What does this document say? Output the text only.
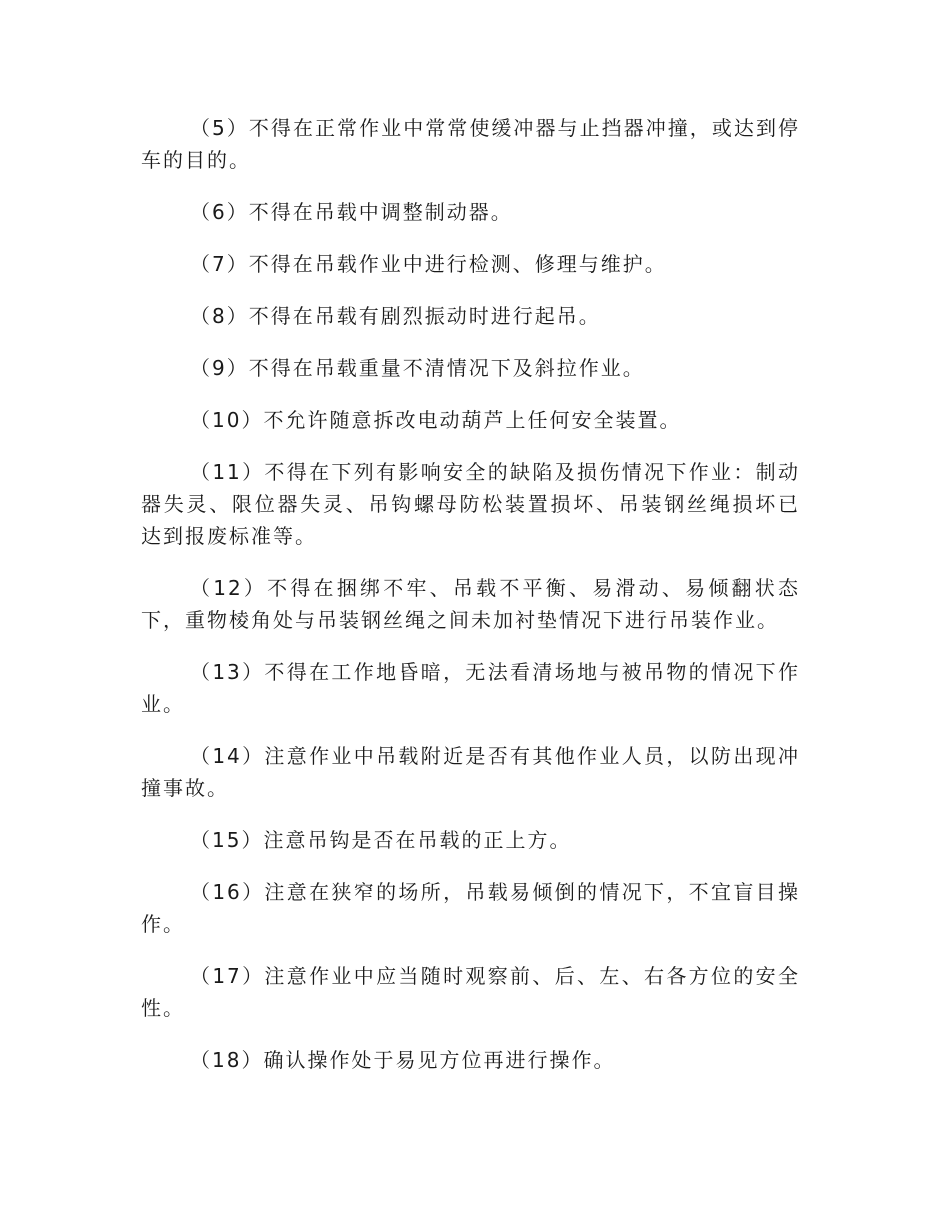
（5）不得在正常作业中常常使缓冲器与止挡器冲撞，或达到停车的目的。

（6）不得在吊载中调整制动器。

（7）不得在吊载作业中进行检测、修理与维护。

（8）不得在吊载有剧烈振动时进行起吊。

（9）不得在吊载重量不清情况下及斜拉作业。

（10）不允许随意拆改电动葫芦上任何安全装置。

（11）不得在下列有影响安全的缺陷及损伤情况下作业：制动器失灵、限位器失灵、吊钩螺母防松装置损坏、吊装钢丝绳损坏已达到报废标准等。

（12）不得在捆绑不牢、吊载不平衡、易滑动、易倾翻状态下，重物棱角处与吊装钢丝绳之间未加衬垫情况下进行吊装作业。

（13）不得在工作地昏暗，无法看清场地与被吊物的情况下作业。

（14）注意作业中吊载附近是否有其他作业人员，以防出现冲撞事故。

（15）注意吊钩是否在吊载的正上方。

（16）注意在狭窄的场所，吊载易倾倒的情况下，不宜盲目操作。

（17）注意作业中应当随时观察前、后、左、右各方位的安全性。

（18）确认操作处于易见方位再进行操作。
